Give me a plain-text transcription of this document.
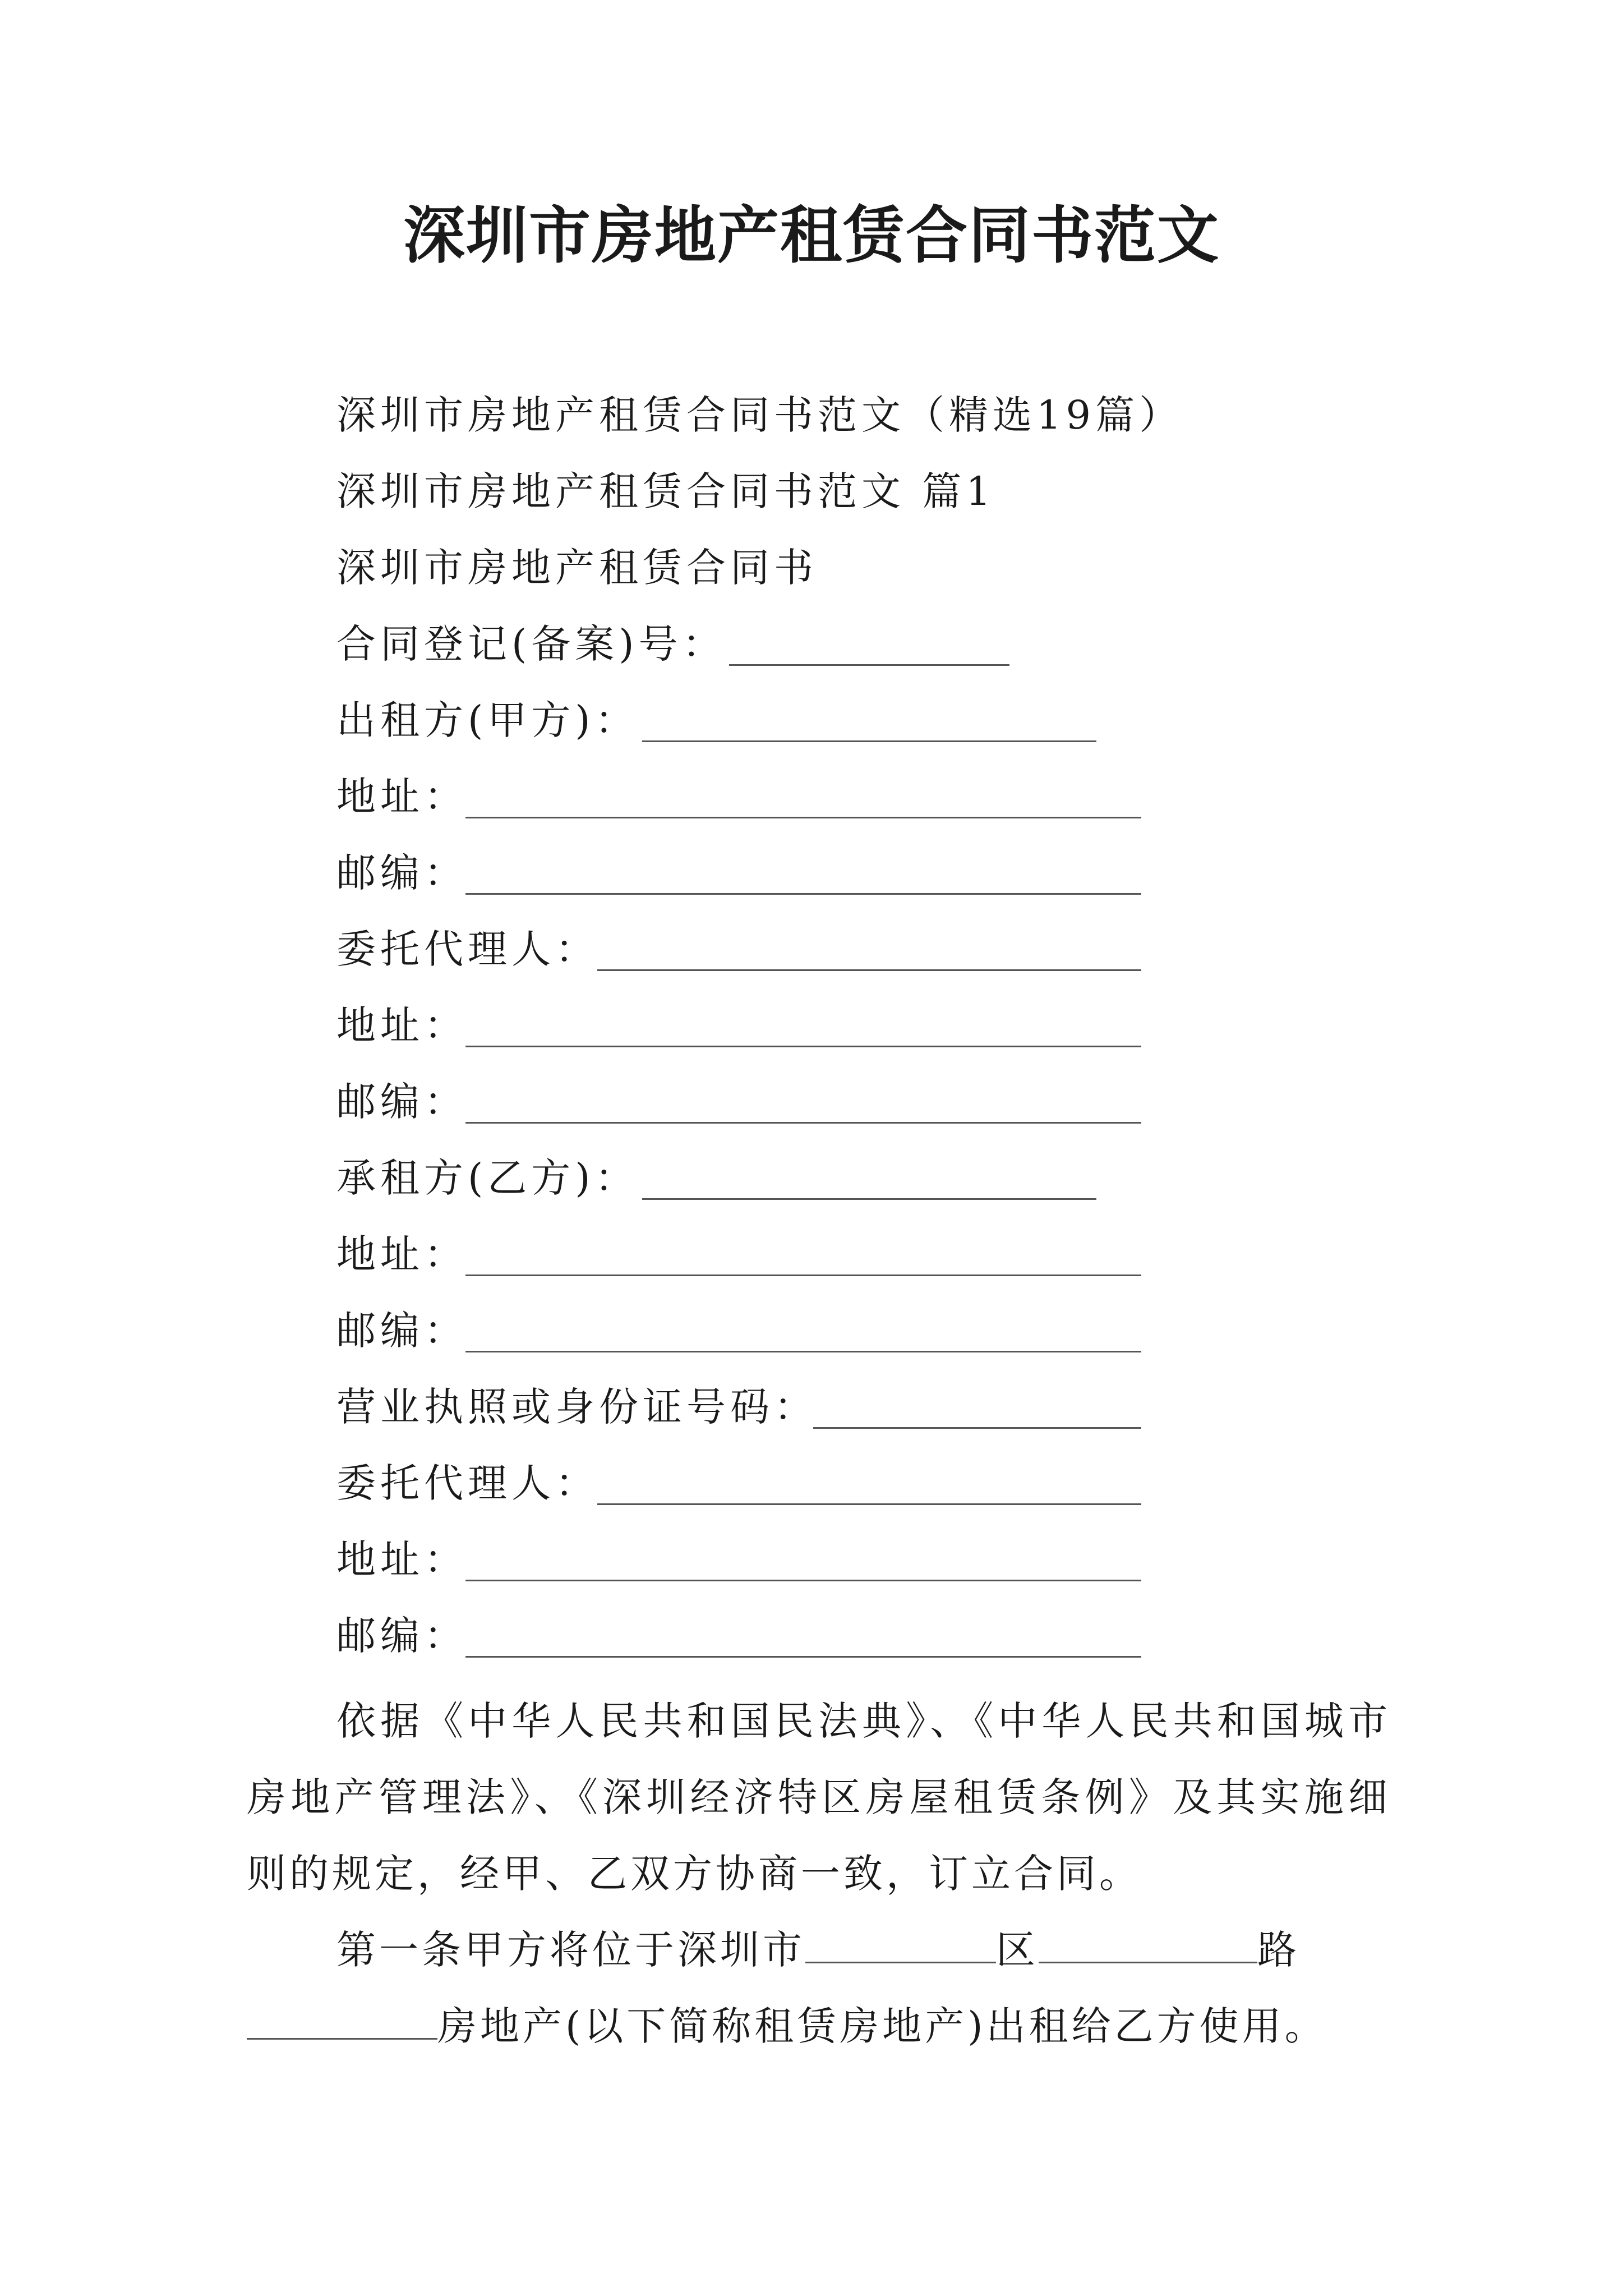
深圳市房地产租赁合同书范文
深圳市房地产租赁合同书范文（精选19篇）
深圳市房地产租赁合同书范文 篇1
深圳市房地产租赁合同书
合同登记(备案)号：
出租方(甲方)：
地址：
邮编：
委托代理人：
地址：
邮编：
承租方(乙方)：
地址：
邮编：
营业执照或身份证号码：
委托代理人：
地址：
邮编：

依据《中华人民共和国民法典》、《中华人民共和国城市房地产管理法》、《深圳经济特区房屋租赁条例》及其实施细则的规定，经甲、乙双方协商一致，订立合同。

第一条甲方将位于深圳市	区	路
房地产(以下简称租赁房地产)出租给乙方使用。
